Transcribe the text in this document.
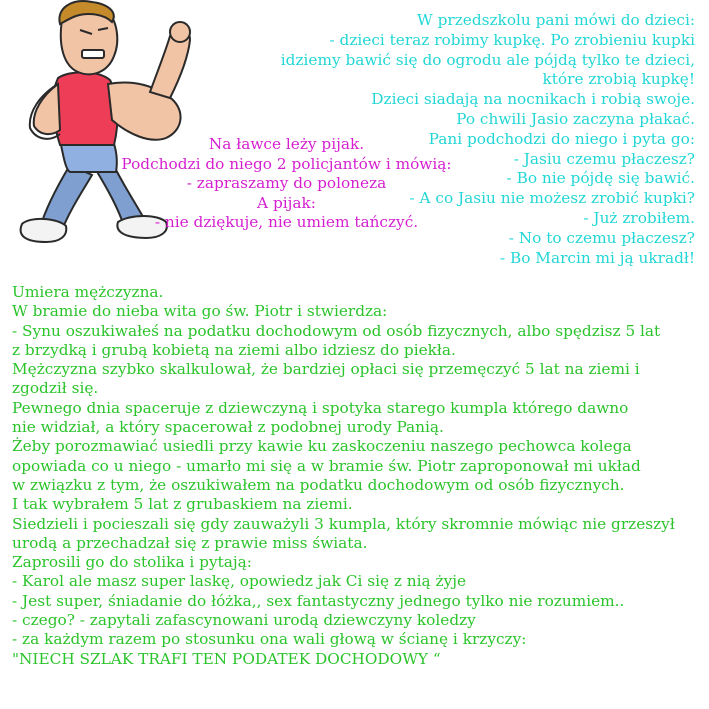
W przedszkolu pani mówi do dzieci:
- dzieci teraz robimy kupkę. Po zrobieniu kupki
idziemy bawić się do ogrodu ale pójdą tylko te dzieci,
które zrobią kupkę!
Dzieci siadają na nocnikach i robią swoje.
Po chwili Jasio zaczyna płakać.
Pani podchodzi do niego i pyta go:
- Jasiu czemu płaczesz?
- Bo nie pójdę się bawić.
- A co Jasiu nie możesz zrobić kupki?
- Już zrobiłem.
- No to czemu płaczesz?
- Bo Marcin mi ją ukradł!
Na ławce leży pijak.
Podchodzi do niego 2 policjantów i mówią:
- zapraszamy do poloneza
A pijak:
- nie dziękuje, nie umiem tańczyć.
Umiera mężczyzna.
W bramie do nieba wita go św. Piotr i stwierdza:
- Synu oszukiwałeś na podatku dochodowym od osób fizycznych, albo spędzisz 5 lat
z brzydką i grubą kobietą na ziemi albo idziesz do piekła.
Mężczyzna szybko skalkulował, że bardziej opłaci się przemęczyć 5 lat na ziemi i
zgodził się.
Pewnego dnia spaceruje z dziewczyną i spotyka starego kumpla którego dawno
nie widział, a który spacerował z podobnej urody Panią.
Żeby porozmawiać usiedli przy kawie ku zaskoczeniu naszego pechowca kolega
opowiada co u niego - umarło mi się a w bramie św. Piotr zaproponował mi układ
w związku z tym, że oszukiwałem na podatku dochodowym od osób fizycznych.
I tak wybrałem 5 lat z grubaskiem na ziemi.
Siedzieli i pocieszali się gdy zauważyli 3 kumpla, który skromnie mówiąc nie grzeszył
urodą a przechadzał się z prawie miss świata.
Zaprosili go do stolika i pytają:
- Karol ale masz super laskę, opowiedz jak Ci się z nią żyje
- Jest super, śniadanie do łóżka,, sex fantastyczny jednego tylko nie rozumiem..
- czego? - zapytali zafascynowani urodą dziewczyny koledzy
- za każdym razem po stosunku ona wali głową w ścianę i krzyczy:
"NIECH SZLAK TRAFI TEN PODATEK DOCHODOWY “
